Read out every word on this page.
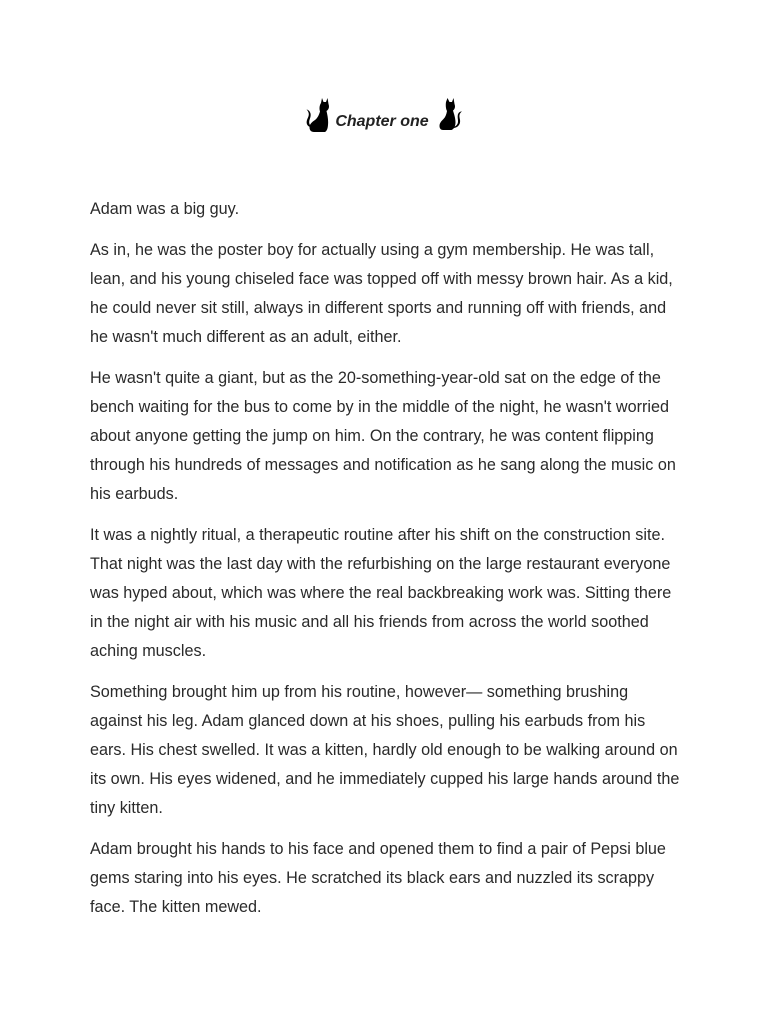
Chapter one

Adam was a big guy.

As in, he was the poster boy for actually using a gym membership. He was tall, lean, and his young chiseled face was topped off with messy brown hair. As a kid, he could never sit still, always in different sports and running off with friends, and he wasn't much different as an adult, either.

He wasn't quite a giant, but as the 20-something-year-old sat on the edge of the bench waiting for the bus to come by in the middle of the night, he wasn't worried about anyone getting the jump on him. On the contrary, he was content flipping through his hundreds of messages and notification as he sang along the music on his earbuds.

It was a nightly ritual, a therapeutic routine after his shift on the construction site. That night was the last day with the refurbishing on the large restaurant everyone was hyped about, which was where the real backbreaking work was. Sitting there in the night air with his music and all his friends from across the world soothed aching muscles.

Something brought him up from his routine, however— something brushing against his leg. Adam glanced down at his shoes, pulling his earbuds from his ears. His chest swelled. It was a kitten, hardly old enough to be walking around on its own. His eyes widened, and he immediately cupped his large hands around the tiny kitten.

Adam brought his hands to his face and opened them to find a pair of Pepsi blue gems staring into his eyes. He scratched its black ears and nuzzled its scrappy face. The kitten mewed.
